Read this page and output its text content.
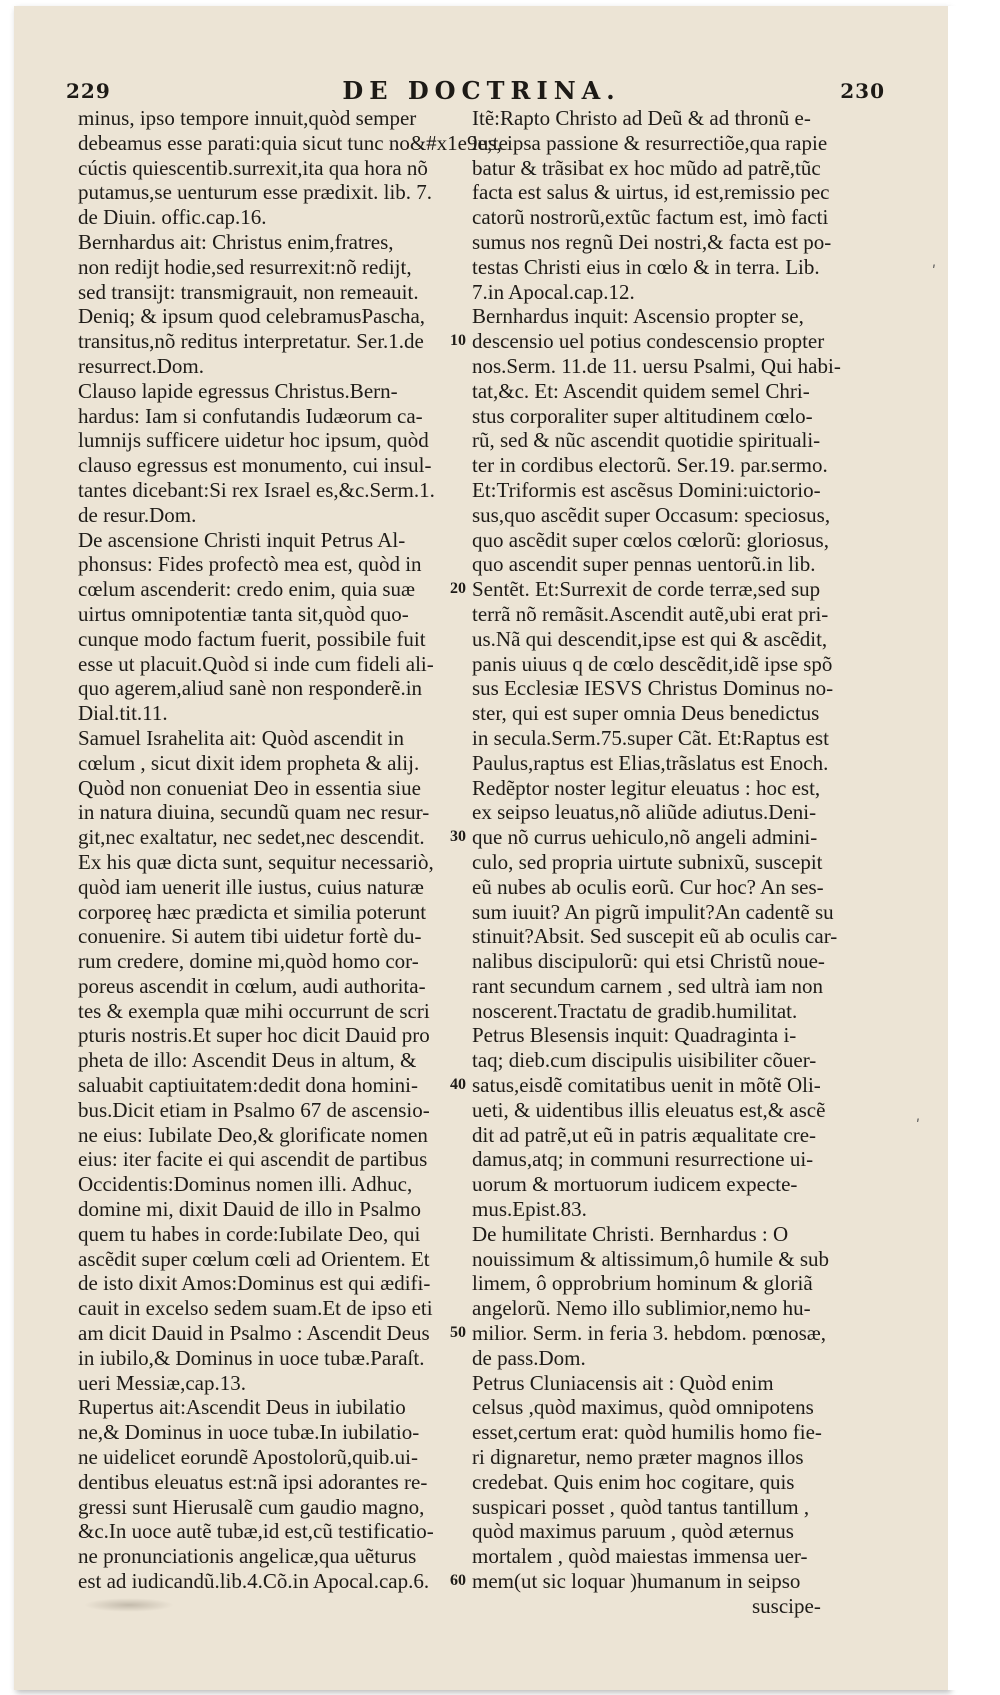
229	DE DOCTRINA.	230
minus, ipso tempore innuit,quòd semper
debeamus esse parati:quia sicut tunc no&#x1e9e;te
cúctis quiescentib.surrexit,ita qua hora nõ
putamus,se uenturum esse prædixit. lib. 7.
de Diuin. offic.cap.16.
Bernhardus ait: Christus enim,fratres,
non rediјt hodie,sed resurrexit:nõ rediјt,
sed transiјt: transmigrauit, non remeauit.
Deniq; & ipsum quod celebramusPascha,
transitus,nõ reditus interpretatur. Ser.1.de
resurrect.Dom.
Clauso lapide egressus Christus.Bern-
hardus: Iam si confutandis Iudæorum ca-
lumniјs sufficere uidetur hoc ipsum, quòd
clauso egressus est monumento, cui insul-
tantes dicebant:Si rex Israel es,&c.Serm.1.
de resur.Dom.
De ascensione Christi inquit Petrus Al-
phonsus: Fides profectò mea est, quòd in
cœlum ascenderit: credo enim, quia suæ
uirtus omnipotentiæ tanta sit,quòd quo-
cunque modo factum fuerit, possibile fuit
esse ut placuit.Quòd si inde cum fideli ali-
quo agerem,aliud sanè non responderẽ.in
Dial.tit.11.
Samuel Israhelita ait: Quòd ascendit in
cœlum , sicut dixit idem propheta & aliј.
Quòd non conueniat Deo in essentia siue
in natura diuina, secundũ quam nec resur-
git,nec exaltatur, nec sedet,nec descendit.
Ex his quæ dicta sunt, sequitur necessariò,
quòd iam uenerit ille iustus, cuius naturæ
corporeę hæc prædicta et similia poterunt
conuenire. Si autem tibi uidetur fortè du-
rum credere, domine mi,quòd homo cor-
poreus ascendit in cœlum, audi authorita-
tes & exempla quæ mihi occurrunt de scri
pturis nostris.Et super hoc dicit Dauid pro
pheta de illo: Ascendit Deus in altum, &
saluabit captiuitatem:dedit dona homini-
bus.Dicit etiam in Psalmo 67 de ascensio-
ne eius: Iubilate Deo,& glorificate nomen
eius: iter facite ei qui ascendit de partibus
Occidentis:Dominus nomen illi. Adhuc,
domine mi, dixit Dauid de illo in Psalmo
quem tu habes in corde:Iubilate Deo, qui
ascẽdit super cœlum cœli ad Orientem. Et
de isto dixit Amos:Dominus est qui ædifi-
cauit in excelso sedem suam.Et de ipso eti
am dicit Dauid in Psalmo : Ascendit Deus
in iubilo,& Dominus in uoce tubæ.Paraſt.
ueri Messiæ,cap.13.
Rupertus ait:Ascendit Deus in iubilatio
ne,& Dominus in uoce tubæ.In iubilatio-
ne uidelicet eorundẽ Apostolorũ,quib.ui-
dentibus eleuatus est:nã ipsi adorantes re-
gressi sunt Hierusalẽ cum gaudio magno,
&c.In uoce autẽ tubæ,id est,cũ testificatio-
ne pronunciationis angelicæ,qua uẽturus
est ad iudicandũ.lib.4.Cõ.in Apocal.cap.6.
10
20
30
40
50
60
Itẽ:Rapto Christo ad Deũ & ad thronũ e-
ius, ipsa passione & resurrectiõe,qua rapie
batur & trãsibat ex hoc mũdo ad patrẽ,tũc
facta est salus & uirtus, id est,remissio pec
catorũ nostrorũ,extũc factum est, imò facti
sumus nos regnũ Dei nostri,& facta est po-
testas Christi eius in cœlo & in terra. Lib.
7.in Apocal.cap.12.
Bernhardus inquit: Ascensio propter se,
descensio uel potius condescensio propter
nos.Serm. 11.de 11. uersu Psalmi, Qui habi-
tat,&c. Et: Ascendit quidem semel Chri-
stus corporaliter super altitudinem cœlo-
rũ, sed & nũc ascendit quotidie spirituali-
ter in cordibus electorũ. Ser.19. par.sermo.
Et:Triformis est ascẽsus Domini:uictorio-
sus,quo ascẽdit super Occasum: speciosus,
quo ascẽdit super cœlos cœlorũ: gloriosus,
quo ascendit super pennas uentorũ.in lib.
Sentẽt. Et:Surrexit de corde terræ,sed sup
terrã nõ remãsit.Ascendit autẽ,ubi erat pri-
us.Nã qui descendit,ipse est qui & ascẽdit,
panis uiuus q de cœlo descẽdit,idẽ ipse spõ
sus Ecclesiæ IESVS Christus Dominus no-
ster, qui est super omnia Deus benedictus
in secula.Serm.75.super Cãt. Et:Raptus est
Paulus,raptus est Elias,trãslatus est Enoch.
Redẽptor noster legitur eleuatus : hoc est,
ex seipso leuatus,nõ aliũde adiutus.Deni-
que nõ currus uehiculo,nõ angeli admini-
culo, sed propria uirtute subnixũ, suscepit
eũ nubes ab oculis eorũ. Cur hoc? An ses-
sum iuuit? An pigrũ impulit?An cadentẽ su
stinuit?Absit. Sed suscepit eũ ab oculis car-
nalibus discipulorũ: qui etsi Christũ noue-
rant secundum carnem , sed ultrà iam non
noscerent.Tractatu de gradib.humilitat.
Petrus Blesensis inquit: Quadraginta i-
taq; dieb.cum discipulis uisibiliter cõuer-
satus,eisdẽ comitatibus uenit in mõtẽ Oli-
ueti, & uidentibus illis eleuatus est,& ascẽ
dit ad patrẽ,ut eũ in patris æqualitate cre-
damus,atq; in communi resurrectione ui-
uorum & mortuorum iudicem expecte-
mus.Epist.83.
De humilitate Christi. Bernhardus : O
nouissimum & altissimum,ô humile & sub
limem, ô opprobrium hominum & gloriã
angelorũ. Nemo illo sublimior,nemo hu-
milior. Serm. in feria 3. hebdom. pœnosæ,
de pass.Dom.
Petrus Cluniacensis ait : Quòd enim
celsus ,quòd maximus, quòd omnipotens
esset,certum erat: quòd humilis homo fie-
ri dignaretur, nemo præter magnos illos
credebat. Quis enim hoc cogitare, quis
suspicari posset , quòd tantus tantillum ,
quòd maximus paruum , quòd æternus
mortalem , quòd maiestas immensa uer-
mem(ut sic loquar )humanum in seipso
suscipe-
ʹ
ʹ
